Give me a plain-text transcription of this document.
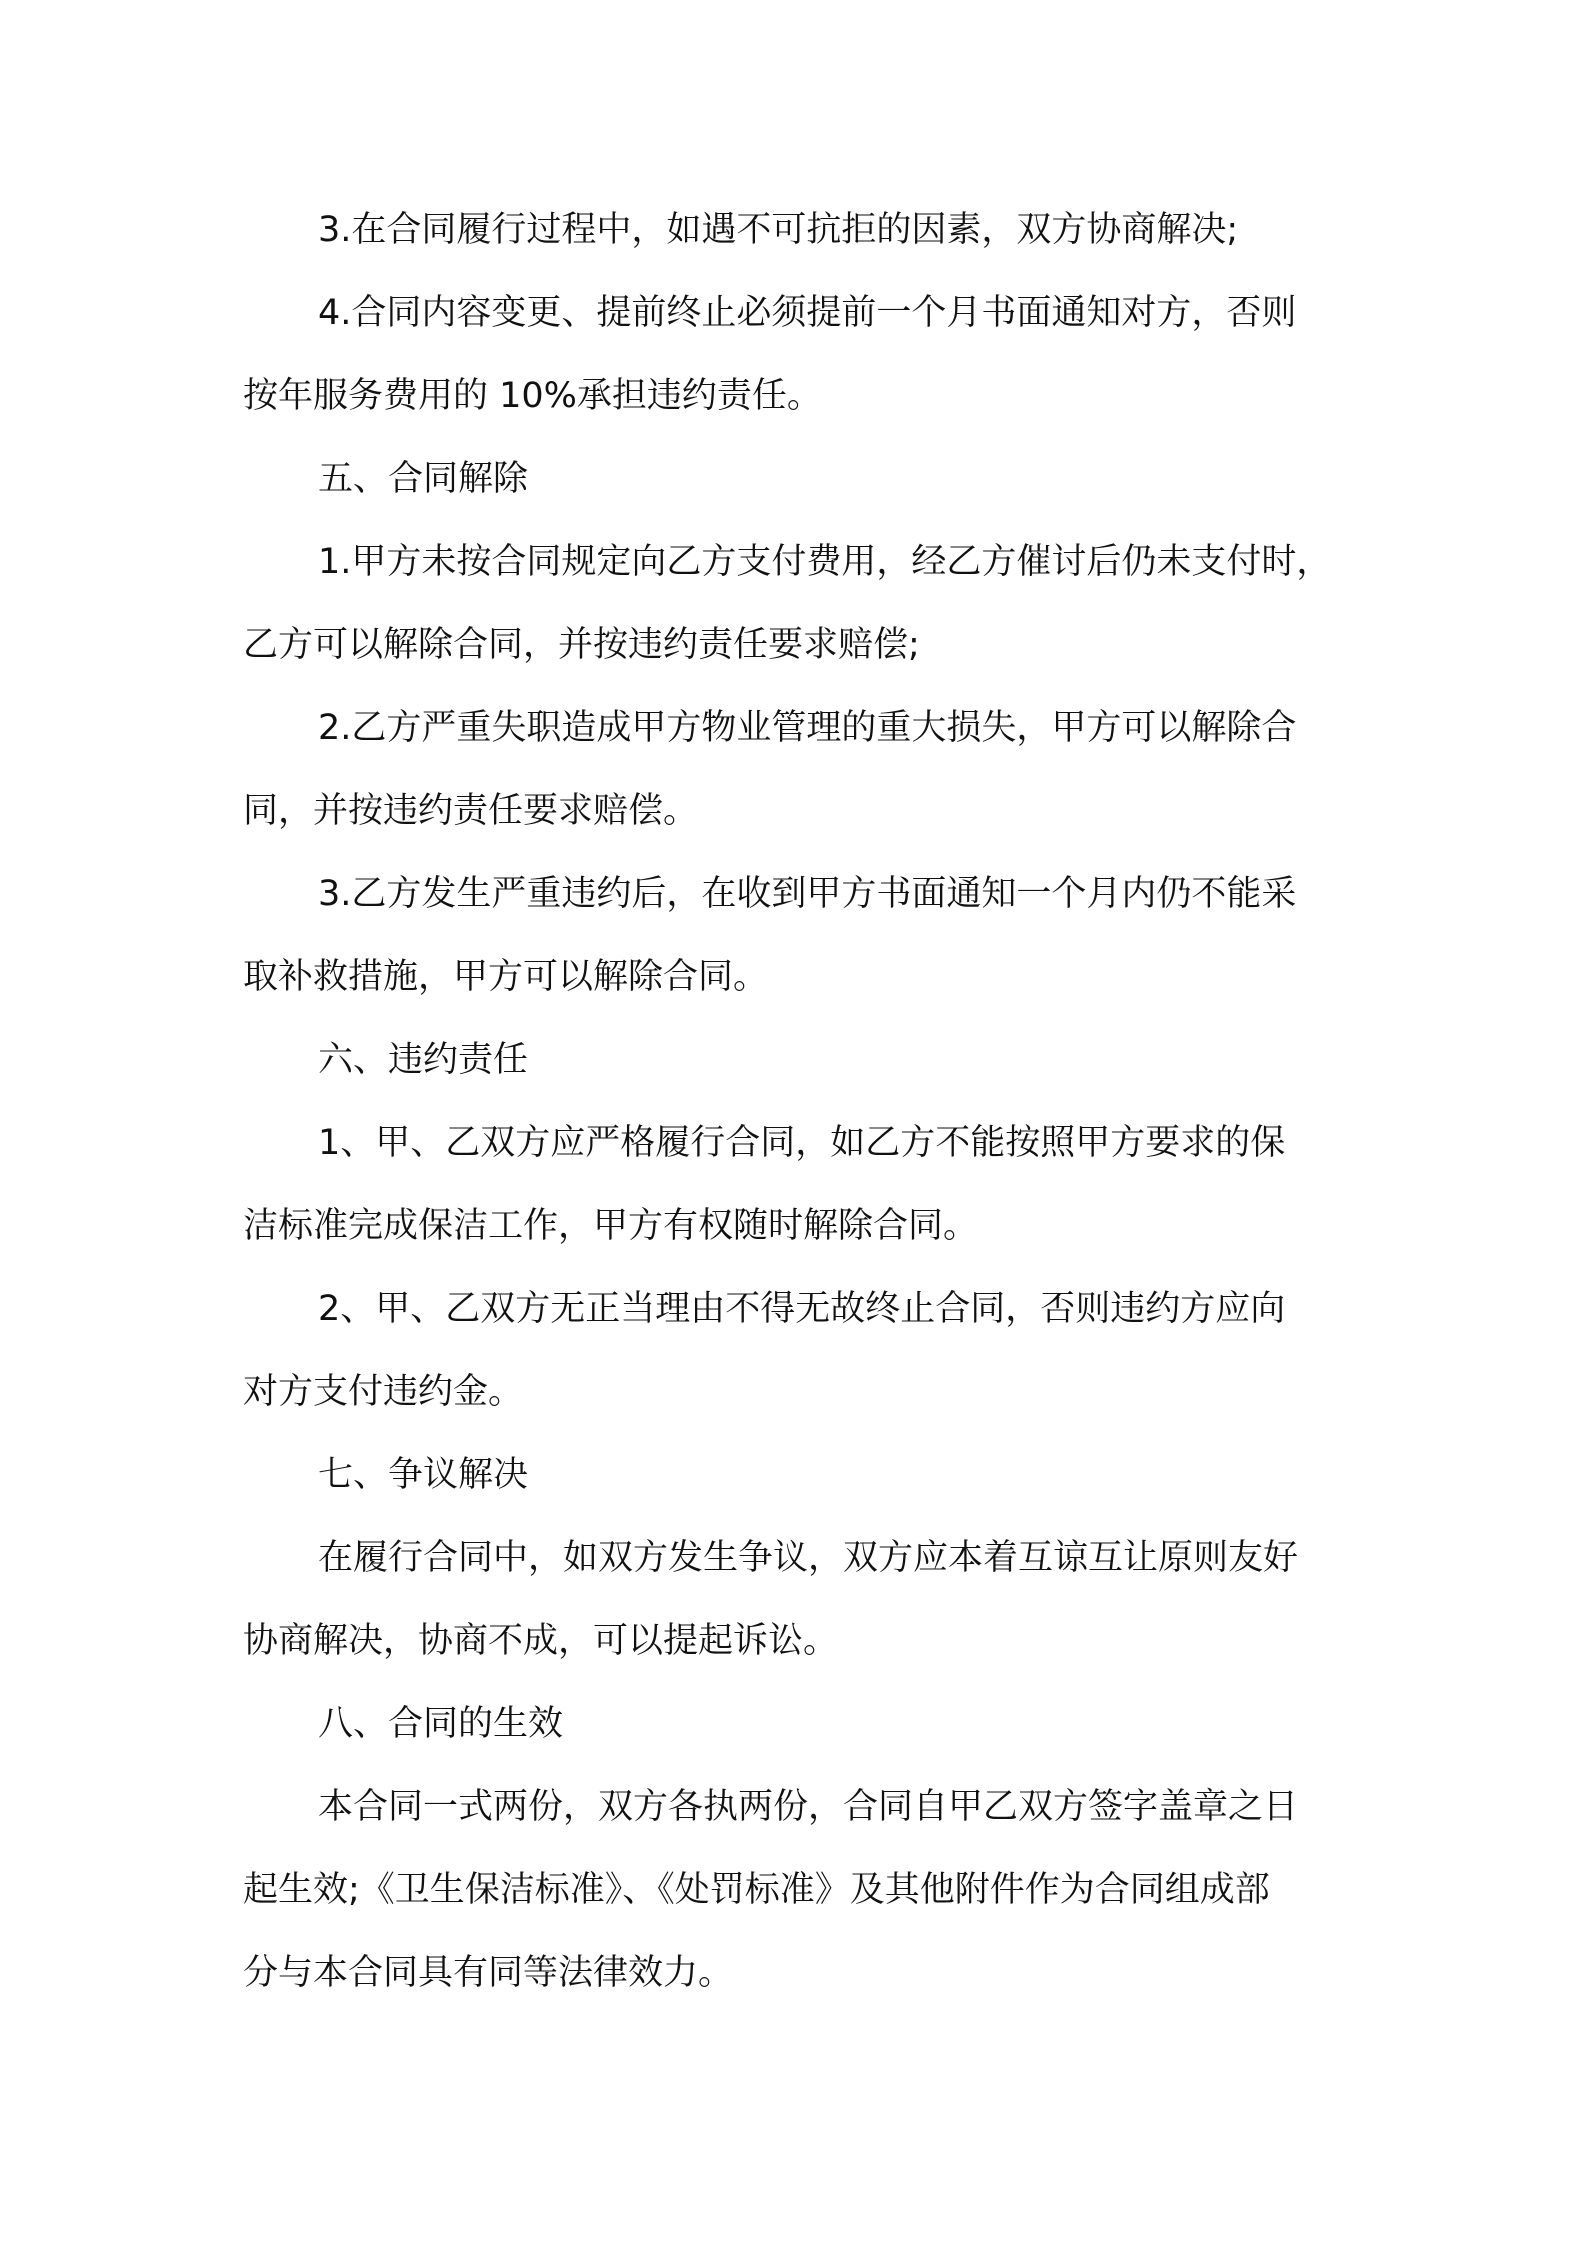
3.在合同履行过程中，如遇不可抗拒的因素，双方协商解决;
4.合同内容变更、提前终止必须提前一个月书面通知对方，否则
按年服务费用的 10%承担违约责任。
五、合同解除
1.甲方未按合同规定向乙方支付费用，经乙方催讨后仍未支付时，
乙方可以解除合同，并按违约责任要求赔偿;
2.乙方严重失职造成甲方物业管理的重大损失，甲方可以解除合
同，并按违约责任要求赔偿。
3.乙方发生严重违约后，在收到甲方书面通知一个月内仍不能采
取补救措施，甲方可以解除合同。
六、违约责任
1、甲、乙双方应严格履行合同，如乙方不能按照甲方要求的保
洁标准完成保洁工作，甲方有权随时解除合同。
2、甲、乙双方无正当理由不得无故终止合同，否则违约方应向
对方支付违约金。
七、争议解决
在履行合同中，如双方发生争议，双方应本着互谅互让原则友好
协商解决，协商不成，可以提起诉讼。
八、合同的生效
本合同一式两份，双方各执两份，合同自甲乙双方签字盖章之日
起生效;《卫生保洁标准》、《处罚标准》及其他附件作为合同组成部
分与本合同具有同等法律效力。
